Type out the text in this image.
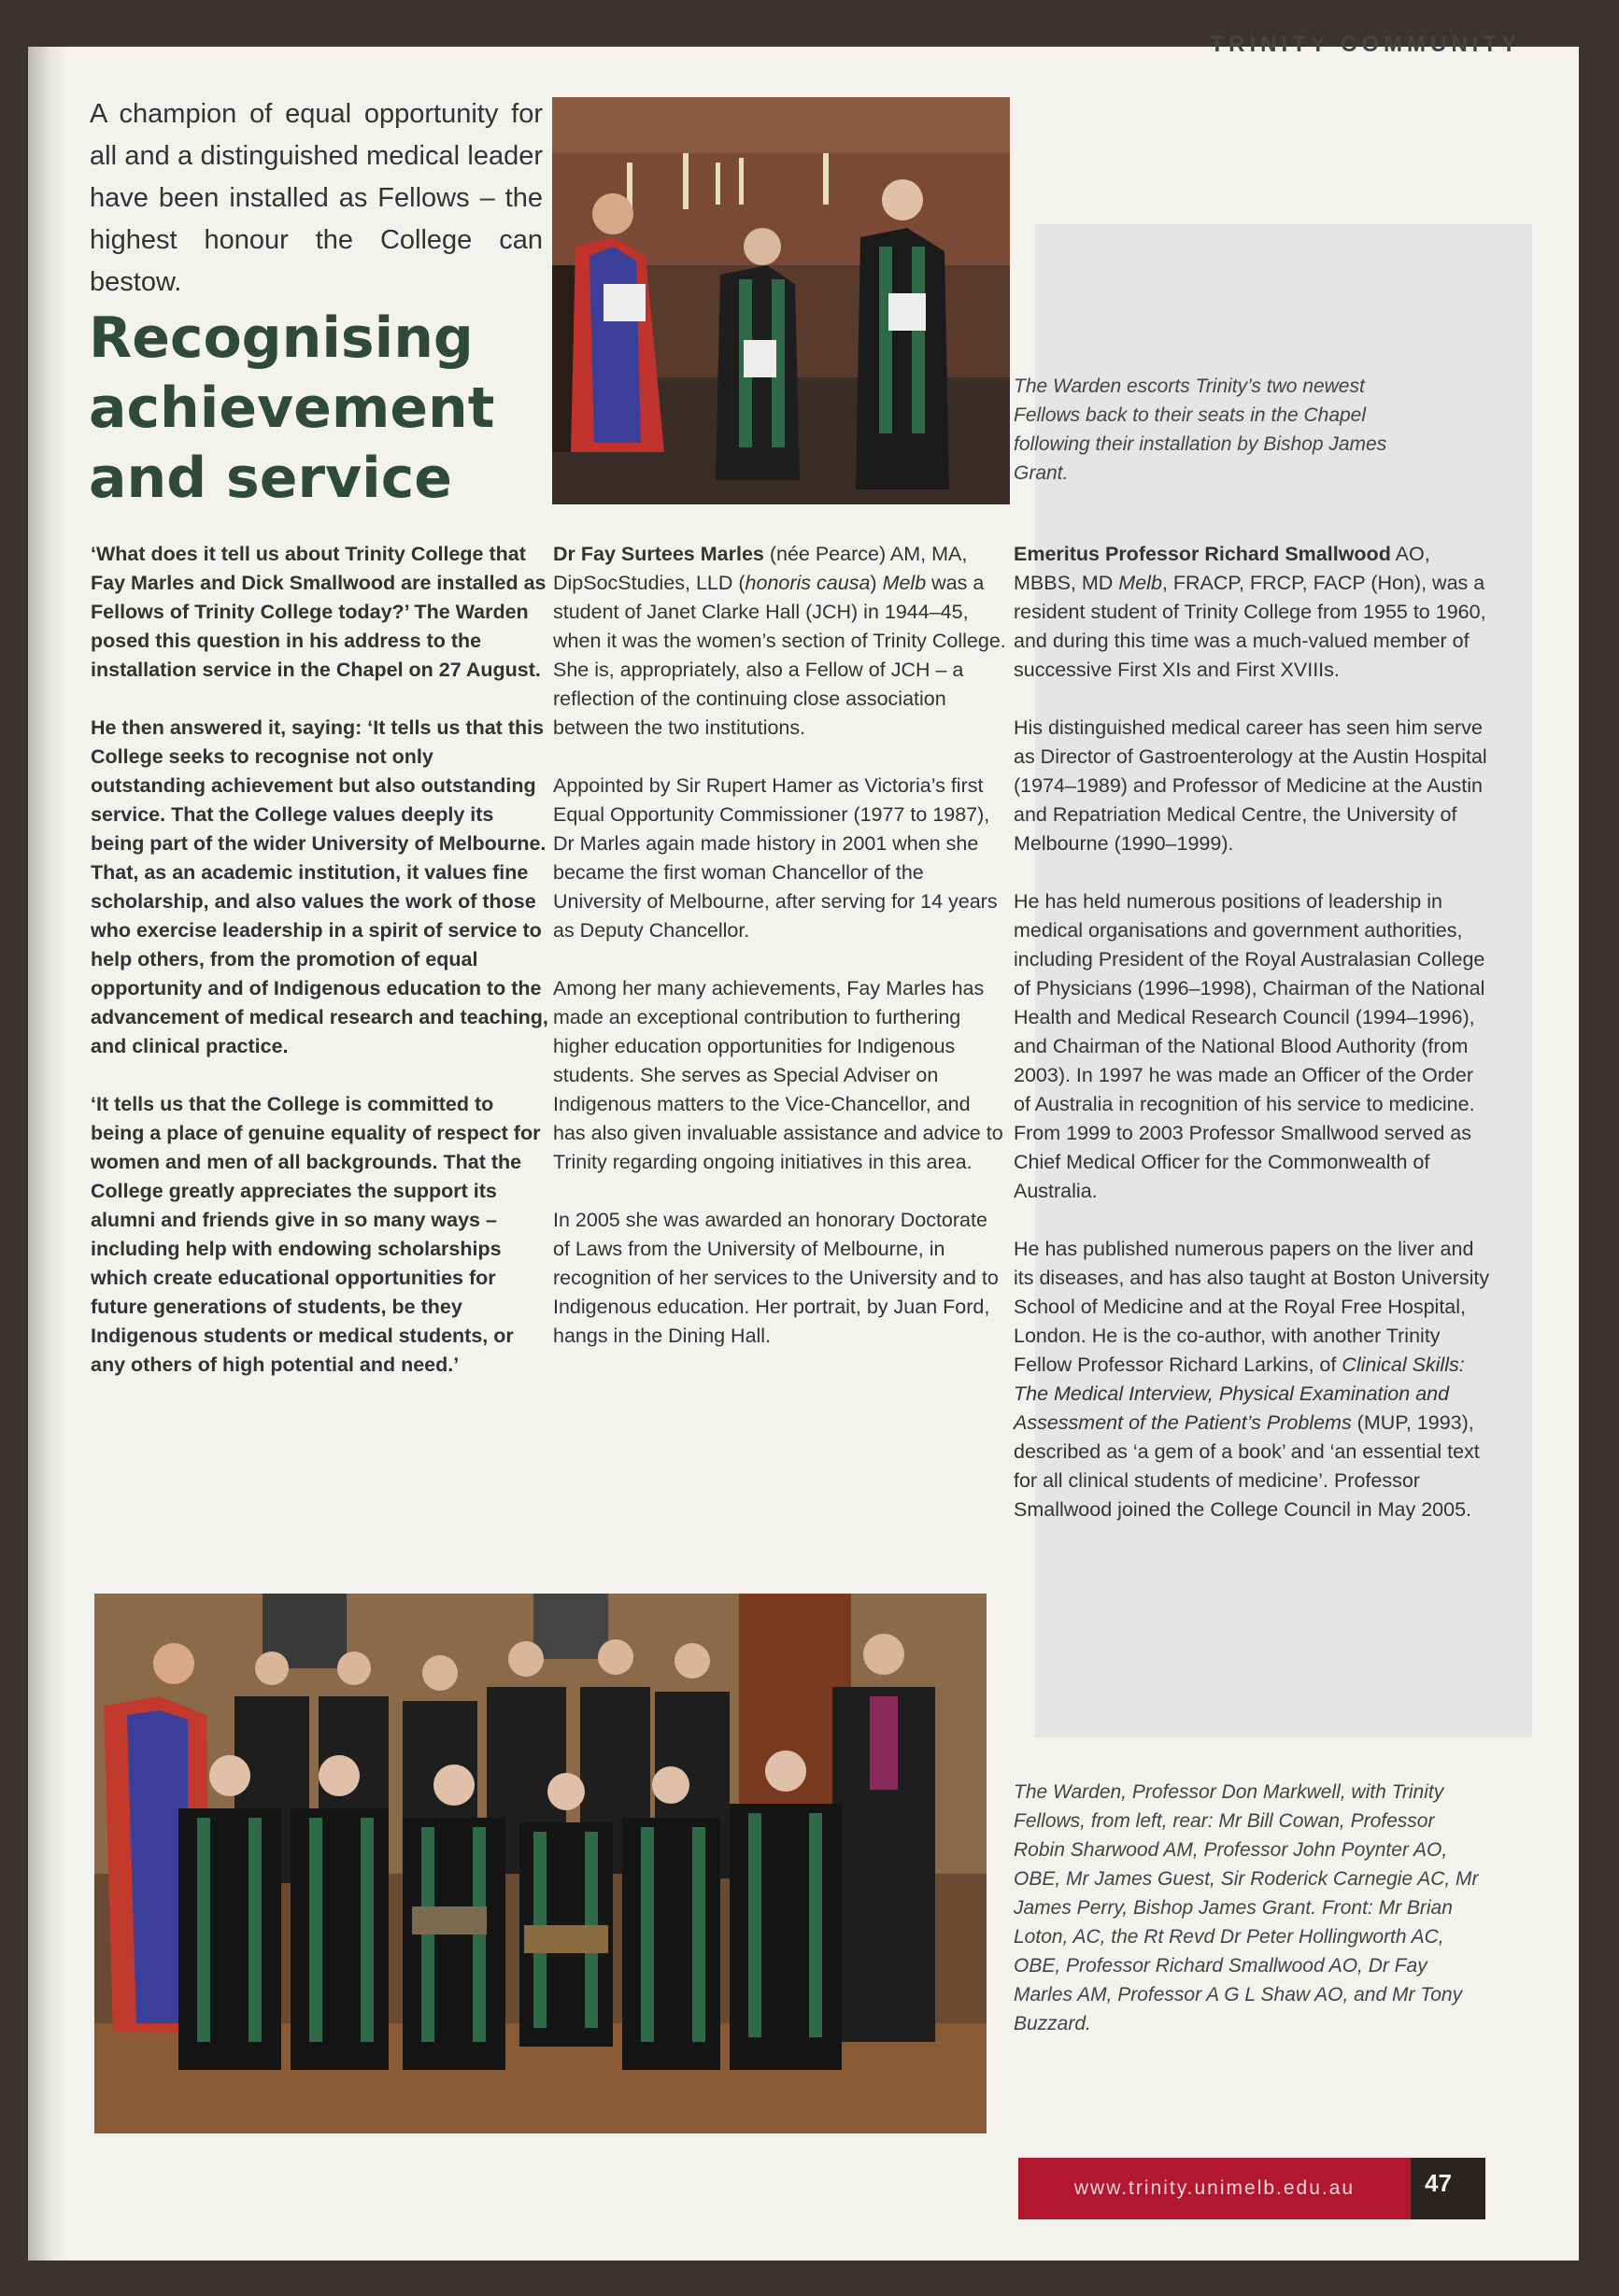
TRINITY COMMUNITY
A champion of equal opportunity for all and a distinguished medical leader have been installed as Fellows – the highest honour the College can bestow.
Recognising achievement and service
The Warden escorts Trinity’s two newest Fellows back to their seats in the Chapel following their installation by Bishop James Grant.

‘What does it tell us about Trinity College that Fay Marles and Dick Smallwood are installed as Fellows of Trinity College today?’ The Warden posed this question in his address to the installation service in the Chapel on 27 August.

He then answered it, saying: ‘It tells us that this College seeks to recognise not only outstanding achievement but also outstanding service. That the College values deeply its being part of the wider University of Melbourne. That, as an academic institution, it values fine scholarship, and also values the work of those who exercise leadership in a spirit of service to help others, from the promotion of equal opportunity and of Indigenous education to the advancement of medical research and teaching, and clinical practice.

‘It tells us that the College is committed to being a place of genuine equality of respect for women and men of all backgrounds. That the College greatly appreciates the support its alumni and friends give in so many ways – including help with endowing scholarships which create educational opportunities for future generations of students, be they Indigenous students or medical students, or any others of high potential and need.’

Dr Fay Surtees Marles (née Pearce) AM, MA, DipSocStudies, LLD (honoris causa) Melb was a student of Janet Clarke Hall (JCH) in 1944–45, when it was the women’s section of Trinity College. She is, appropriately, also a Fellow of JCH – a reflection of the continuing close association between the two institutions.

Appointed by Sir Rupert Hamer as Victoria’s first Equal Opportunity Commissioner (1977 to 1987), Dr Marles again made history in 2001 when she became the first woman Chancellor of the University of Melbourne, after serving for 14 years as Deputy Chancellor.

Among her many achievements, Fay Marles has made an exceptional contribution to furthering higher education opportunities for Indigenous students. She serves as Special Adviser on Indigenous matters to the Vice-Chancellor, and has also given invaluable assistance and advice to Trinity regarding ongoing initiatives in this area.

In 2005 she was awarded an honorary Doctorate of Laws from the University of Melbourne, in recognition of her services to the University and to Indigenous education. Her portrait, by Juan Ford, hangs in the Dining Hall.

Emeritus Professor Richard Smallwood AO, MBBS, MD Melb, FRACP, FRCP, FACP (Hon), was a resident student of Trinity College from 1955 to 1960, and during this time was a much-valued member of successive First XIs and First XVIIIs.

His distinguished medical career has seen him serve as Director of Gastroenterology at the Austin Hospital (1974–1989) and Professor of Medicine at the Austin and Repatriation Medical Centre, the University of Melbourne (1990–1999).

He has held numerous positions of leadership in medical organisations and government authorities, including President of the Royal Australasian College of Physicians (1996–1998), Chairman of the National Health and Medical Research Council (1994–1996), and Chairman of the National Blood Authority (from 2003). In 1997 he was made an Officer of the Order of Australia in recognition of his service to medicine. From 1999 to 2003 Professor Smallwood served as Chief Medical Officer for the Commonwealth of Australia.

He has published numerous papers on the liver and its diseases, and has also taught at Boston University School of Medicine and at the Royal Free Hospital, London. He is the co-author, with another Trinity Fellow Professor Richard Larkins, of Clinical Skills: The Medical Interview, Physical Examination and Assessment of the Patient’s Problems (MUP, 1993), described as ‘a gem of a book’ and ‘an essential text for all clinical students of medicine’. Professor Smallwood joined the College Council in May 2005.

The Warden, Professor Don Markwell, with Trinity Fellows, from left, rear: Mr Bill Cowan, Professor Robin Sharwood AM, Professor John Poynter AO, OBE, Mr James Guest, Sir Roderick Carnegie AC, Mr James Perry, Bishop James Grant. Front: Mr Brian Loton, AC, the Rt Revd Dr Peter Hollingworth AC, OBE, Professor Richard Smallwood AO, Dr Fay Marles AM, Professor A G L Shaw AO, and Mr Tony Buzzard.
www.trinity.unimelb.edu.au	47
